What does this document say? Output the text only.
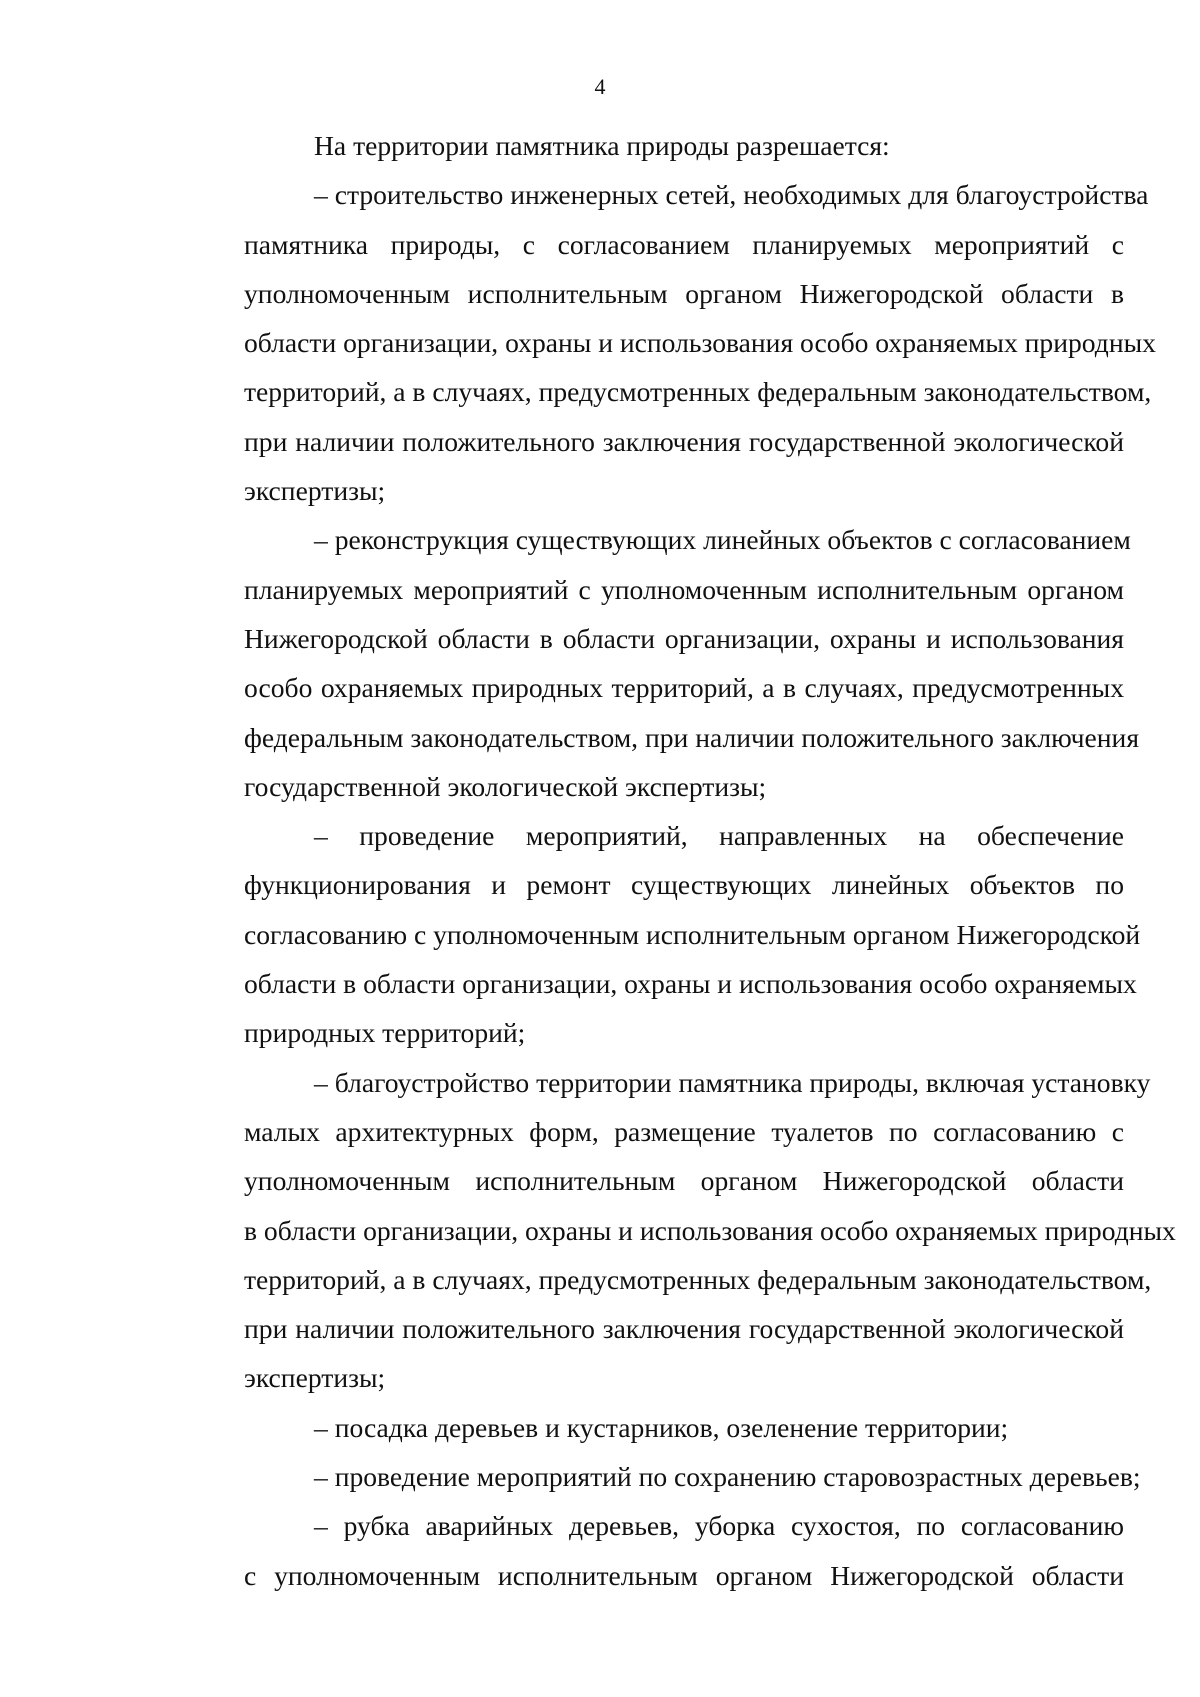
4

На территории памятника природы разрешается:

– строительство инженерных сетей, необходимых для благоустройства
памятника природы, с согласованием планируемых мероприятий с
уполномоченным исполнительным органом Нижегородской области в
области организации, охраны и использования особо охраняемых природных
территорий, а в случаях, предусмотренных федеральным законодательством,
при наличии положительного заключения государственной экологической
экспертизы;

– реконструкция существующих линейных объектов с согласованием
планируемых мероприятий с уполномоченным исполнительным органом
Нижегородской области в области организации, охраны и использования
особо охраняемых природных территорий, а в случаях, предусмотренных
федеральным законодательством, при наличии положительного заключения
государственной экологической экспертизы;

– проведение мероприятий, направленных на обеспечение
функционирования и ремонт существующих линейных объектов по
согласованию с уполномоченным исполнительным органом Нижегородской
области в области организации, охраны и использования особо охраняемых
природных территорий;

– благоустройство территории памятника природы, включая установку
малых архитектурных форм, размещение туалетов по согласованию с
уполномоченным исполнительным органом Нижегородской области
в области организации, охраны и использования особо охраняемых природных
территорий, а в случаях, предусмотренных федеральным законодательством,
при наличии положительного заключения государственной экологической
экспертизы;

– посадка деревьев и кустарников, озеленение территории;

– проведение мероприятий по сохранению старовозрастных деревьев;

– рубка аварийных деревьев, уборка сухостоя, по согласованию
с уполномоченным исполнительным органом Нижегородской области
